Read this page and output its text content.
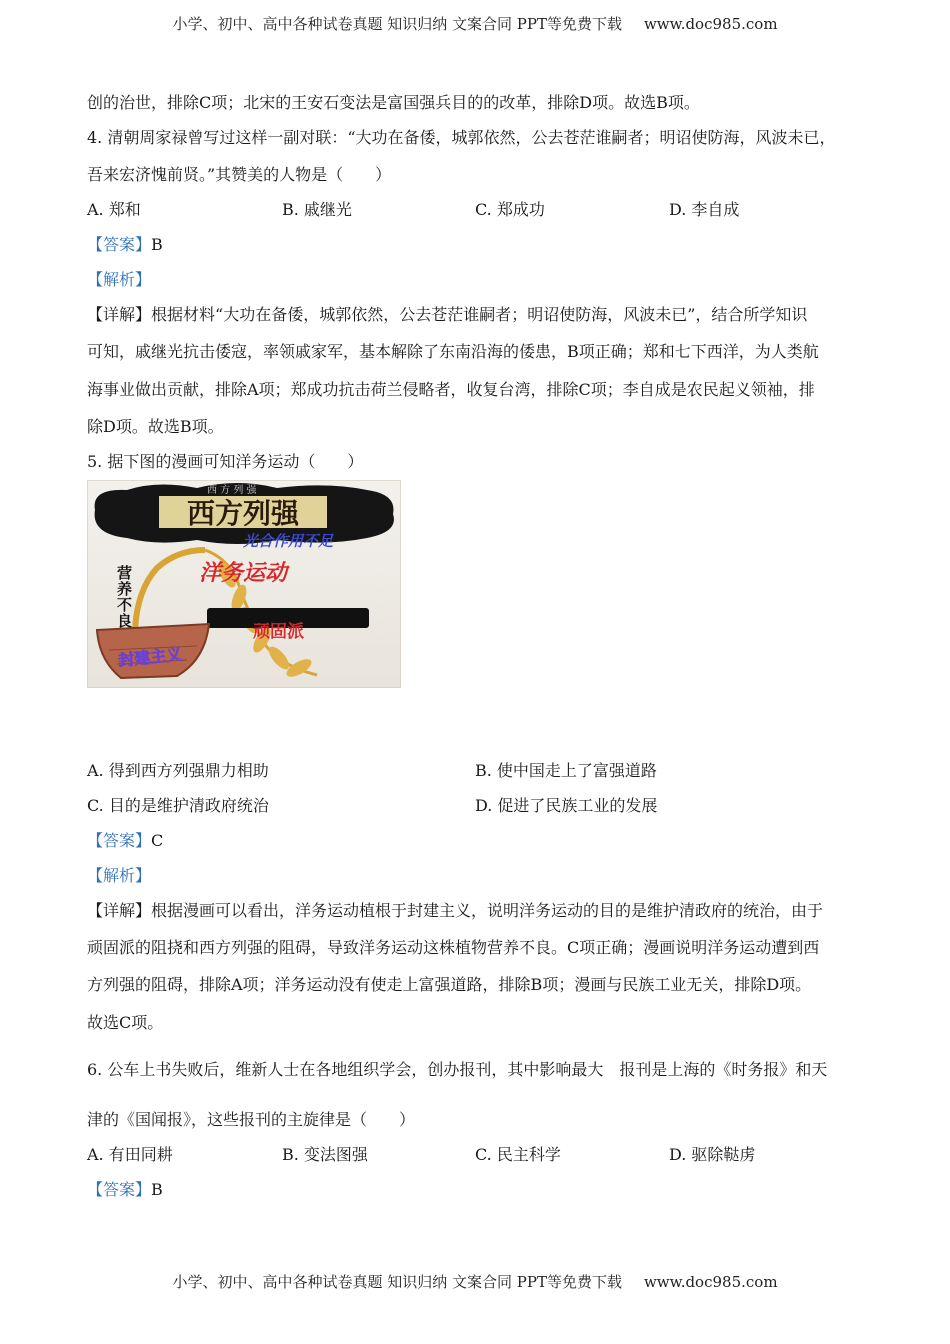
小学、初中、高中各种试卷真题 知识归纳 文案合同 PPT等免费下载 www.doc985.com
创的治世，排除C项；北宋的王安石变法是富国强兵目的的改革，排除D项。故选B项。
4. 清朝周家禄曾写过这样一副对联：“大功在备倭，城郭依然，公去苍茫谁嗣者；明诏使防海，风波未已，
吾来宏济愧前贤。”其赞美的人物是（　　）
A. 郑和	B. 戚继光	C. 郑成功	D. 李自成
【答案】B
【解析】
【详解】根据材料“大功在备倭，城郭依然，公去苍茫谁嗣者；明诏使防海，风波未已”，结合所学知识
可知，戚继光抗击倭寇，率领戚家军，基本解除了东南沿海的倭患，B项正确；郑和七下西洋，为人类航
海事业做出贡献，排除A项；郑成功抗击荷兰侵略者，收复台湾，排除C项；李自成是农民起义领袖，排
除D项。故选B项。
5. 据下图的漫画可知洋务运动（　　）
西 方 列 强
西方列强
光合作用不足
洋务运动
营
养
不
良
顽固派
封建主义
A. 得到西方列强鼎力相助	B. 使中国走上了富强道路
C. 目的是维护清政府统治	D. 促进了民族工业的发展
【答案】C
【解析】
【详解】根据漫画可以看出，洋务运动植根于封建主义，说明洋务运动的目的是维护清政府的统治，由于
顽固派的阻挠和西方列强的阻碍，导致洋务运动这株植物营养不良。C项正确；漫画说明洋务运动遭到西
方列强的阻碍，排除A项；洋务运动没有使走上富强道路，排除B项；漫画与民族工业无关，排除D项。
故选C项。
6. 公车上书失败后，维新人士在各地组织学会，创办报刊，其中影响最大　报刊是上海的《时务报》和天
津的《国闻报》，这些报刊的主旋律是（　　）
A. 有田同耕	B. 变法图强	C. 民主科学	D. 驱除鞑虏
【答案】B
小学、初中、高中各种试卷真题 知识归纳 文案合同 PPT等免费下载 www.doc985.com
